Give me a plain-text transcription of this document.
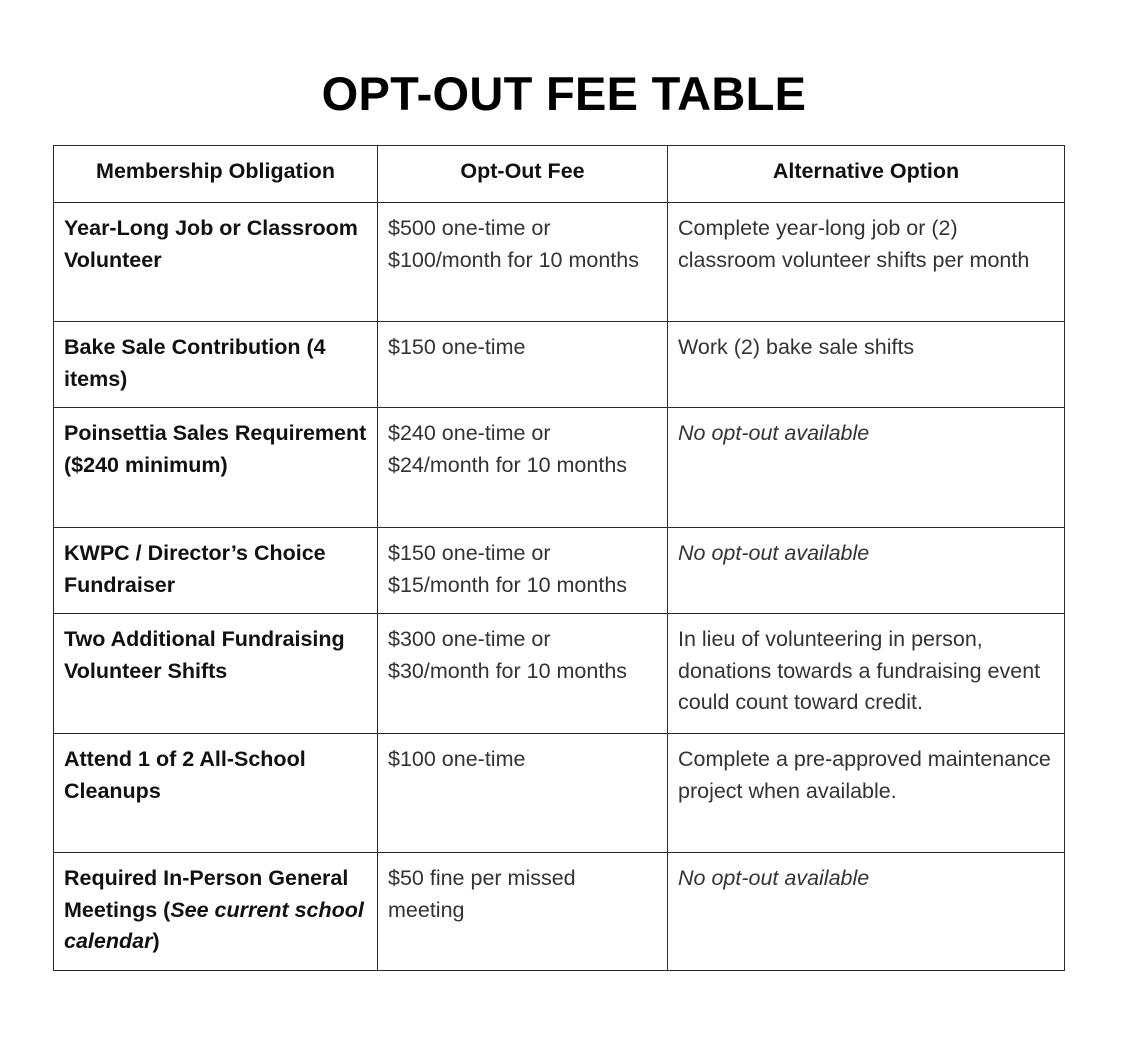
OPT-OUT FEE TABLE
Membership Obligation	Opt-Out Fee	Alternative Option
Year-Long Job or Classroom Volunteer	$500 one-time or $100/month for 10 months	Complete year-long job or (2) classroom volunteer shifts per month
Bake Sale Contribution (4 items)	$150 one-time	Work (2) bake sale shifts
Poinsettia Sales Requirement ($240 minimum)	$240 one-time or $24/month for 10 months	No opt-out available
KWPC / Director’s Choice Fundraiser	$150 one-time or $15/month for 10 months	No opt-out available
Two Additional Fundraising Volunteer Shifts	$300 one-time or $30/month for 10 months	In lieu of volunteering in person, donations towards a fundraising event could count toward credit.
Attend 1 of 2 All-School Cleanups	$100 one-time	Complete a pre-approved maintenance project when available.
Required In-Person General Meetings (See current school calendar)	$50 fine per missed meeting	No opt-out available
